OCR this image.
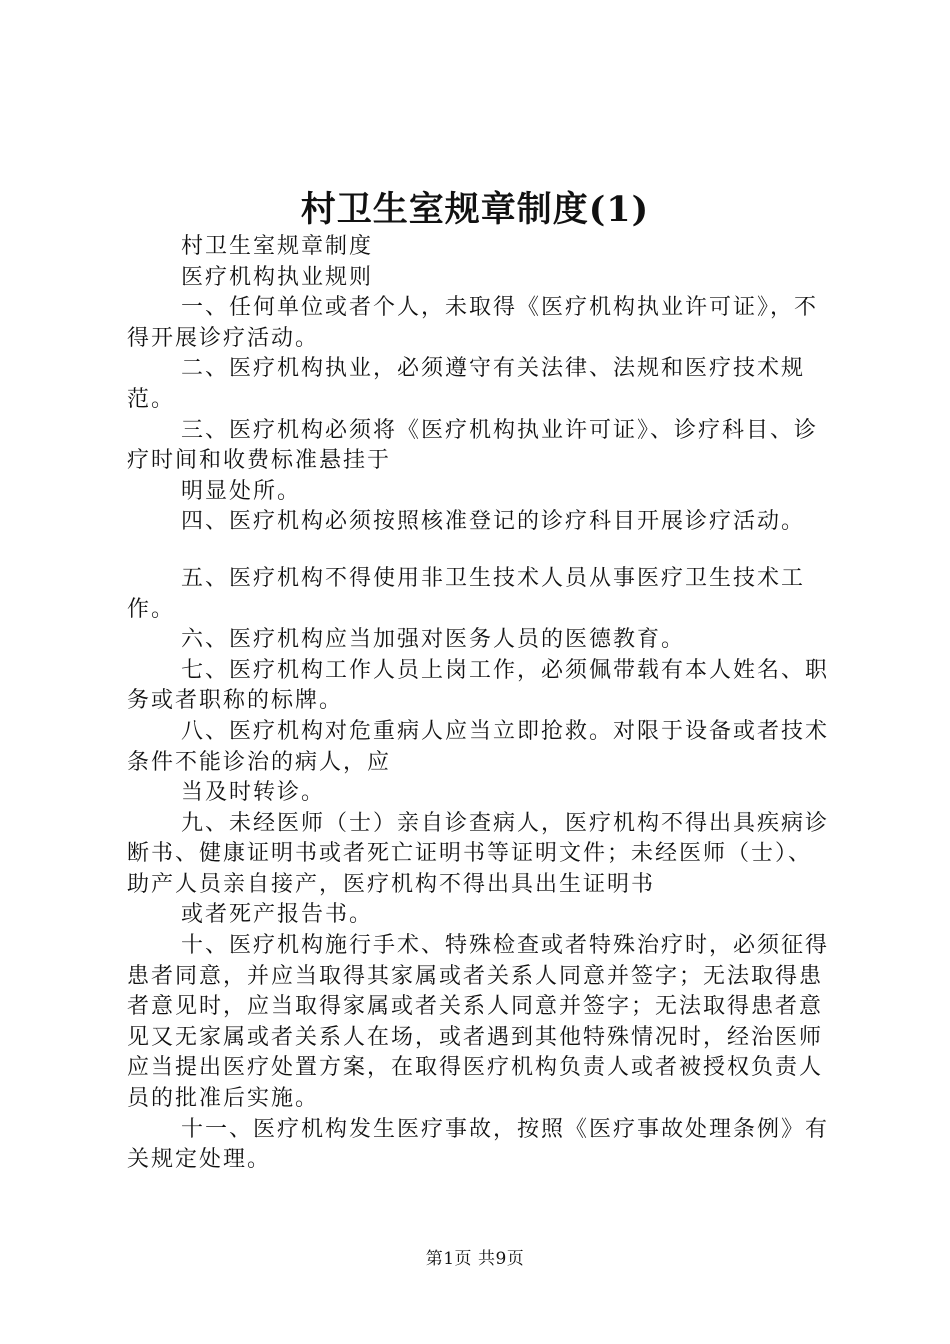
村卫生室规章制度(1)

村卫生室规章制度

医疗机构执业规则

一、任何单位或者个人，未取得《医疗机构执业许可证》，不得开展诊疗活动。

二、医疗机构执业，必须遵守有关法律、法规和医疗技术规范。

三、医疗机构必须将《医疗机构执业许可证》、诊疗科目、诊疗时间和收费标准悬挂于

明显处所。

四、医疗机构必须按照核准登记的诊疗科目开展诊疗活动。

五、医疗机构不得使用非卫生技术人员从事医疗卫生技术工作。

六、医疗机构应当加强对医务人员的医德教育。

七、医疗机构工作人员上岗工作，必须佩带载有本人姓名、职务或者职称的标牌。

八、医疗机构对危重病人应当立即抢救。对限于设备或者技术条件不能诊治的病人，应

当及时转诊。

九、未经医师（士）亲自诊查病人，医疗机构不得出具疾病诊断书、健康证明书或者死亡证明书等证明文件；未经医师（士）、助产人员亲自接产，医疗机构不得出具出生证明书

或者死产报告书。

十、医疗机构施行手术、特殊检查或者特殊治疗时，必须征得患者同意，并应当取得其家属或者关系人同意并签字；无法取得患者意见时，应当取得家属或者关系人同意并签字；无法取得患者意见又无家属或者关系人在场，或者遇到其他特殊情况时，经治医师应当提出医疗处置方案，在取得医疗机构负责人或者被授权负责人员的批准后实施。

十一、医疗机构发生医疗事故，按照《医疗事故处理条例》有关规定处理。

第1页 共9页
